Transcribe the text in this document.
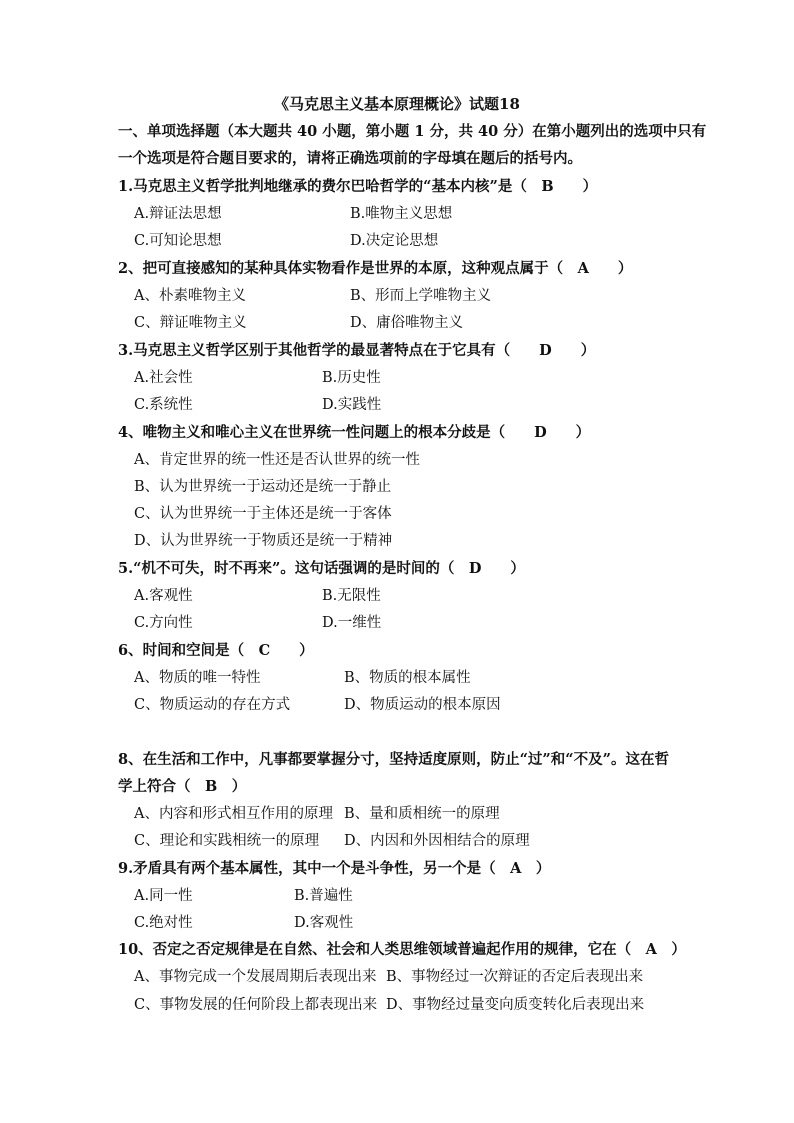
《马克思主义基本原理概论》试题18
一、单项选择题（本大题共 40 小题，第小题 1 分，共 40 分）在第小题列出的选项中只有
一个选项是符合题目要求的，请将正确选项前的字母填在题后的括号内。
1.马克思主义哲学批判地继承的费尔巴哈哲学的“基本内核”是（　B　　）
A.辩证法思想	B.唯物主义思想
C.可知论思想	D.决定论思想
2、把可直接感知的某种具体实物看作是世界的本原，这种观点属于（　A　　）
A、朴素唯物主义	B、形而上学唯物主义
C、辩证唯物主义	D、庸俗唯物主义
3.马克思主义哲学区别于其他哲学的最显著特点在于它具有（　　D　　）
A.社会性	B.历史性
C.系统性	D.实践性
4、唯物主义和唯心主义在世界统一性问题上的根本分歧是（　　D　　）
A、肯定世界的统一性还是否认世界的统一性
B、认为世界统一于运动还是统一于静止
C、认为世界统一于主体还是统一于客体
D、认为世界统一于物质还是统一于精神
5.“机不可失，时不再来”。这句话强调的是时间的（　D　　）
A.客观性	B.无限性
C.方向性	D.一维性
6、时间和空间是（　C　　）
A、物质的唯一特性	B、物质的根本属性
C、物质运动的存在方式	D、物质运动的根本原因
8、在生活和工作中，凡事都要掌握分寸，坚持适度原则，防止“过”和“不及”。这在哲
学上符合（　B　）
A、内容和形式相互作用的原理 B、量和质相统一的原理
C、理论和实践相统一的原理 D、内因和外因相结合的原理
9.矛盾具有两个基本属性，其中一个是斗争性，另一个是（　A　）
A.同一性	B.普遍性
C.绝对性	D.客观性
10、否定之否定规律是在自然、社会和人类思维领域普遍起作用的规律，它在（　A　）
A、事物完成一个发展周期后表现出来 B、事物经过一次辩证的否定后表现出来
C、事物发展的任何阶段上都表现出来 D、事物经过量变向质变转化后表现出来
